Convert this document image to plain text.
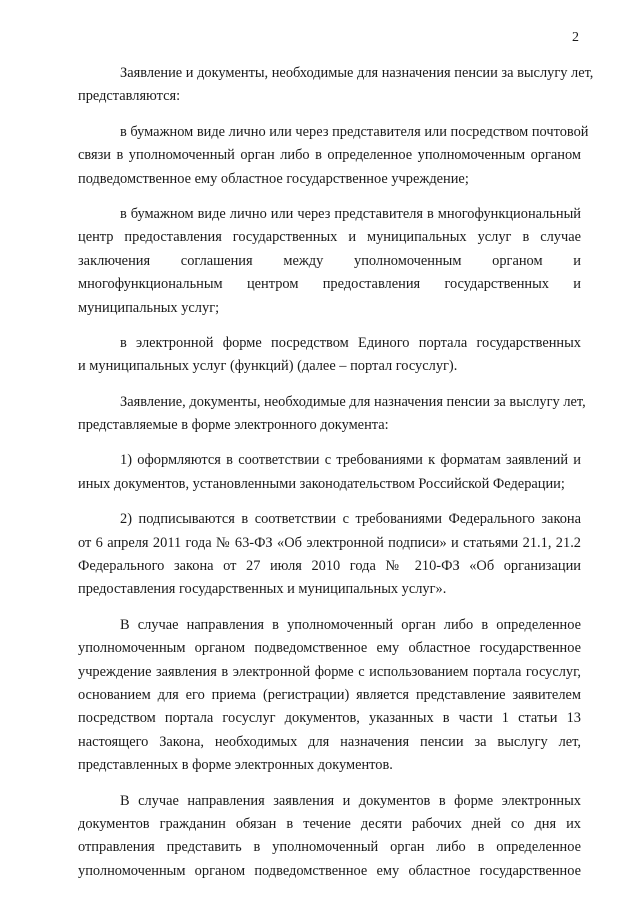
2
Заявление и документы, необходимые для назначения пенсии за выслугу лет,
представляются:
в бумажном виде лично или через представителя или посредством почтовой
связи в уполномоченный орган либо в определенное уполномоченным органом
подведомственное ему областное государственное учреждение;
в бумажном виде лично или через представителя в многофункциональный
центр предоставления государственных и муниципальных услуг в случае
заключения соглашения между уполномоченным органом и
многофункциональным центром предоставления государственных и
муниципальных услуг;
в электронной форме посредством Единого портала государственных
и муниципальных услуг (функций) (далее – портал госуслуг).
Заявление, документы, необходимые для назначения пенсии за выслугу лет,
представляемые в форме электронного документа:
1) оформляются в соответствии с требованиями к форматам заявлений и
иных документов, установленными законодательством Российской Федерации;
2) подписываются в соответствии с требованиями Федерального закона
от 6 апреля 2011 года № 63-ФЗ «Об электронной подписи» и статьями 21.1, 21.2
Федерального закона от 27 июля 2010 года № 210-ФЗ «Об организации
предоставления государственных и муниципальных услуг».
В случае направления в уполномоченный орган либо в определенное
уполномоченным органом подведомственное ему областное государственное
учреждение заявления в электронной форме с использованием портала госуслуг,
основанием для его приема (регистрации) является представление заявителем
посредством портала госуслуг документов, указанных в части 1 статьи 13
настоящего Закона, необходимых для назначения пенсии за выслугу лет,
представленных в форме электронных документов.
В случае направления заявления и документов в форме электронных
документов гражданин обязан в течение десяти рабочих дней со дня их
отправления представить в уполномоченный орган либо в определенное
уполномоченным органом подведомственное ему областное государственное
